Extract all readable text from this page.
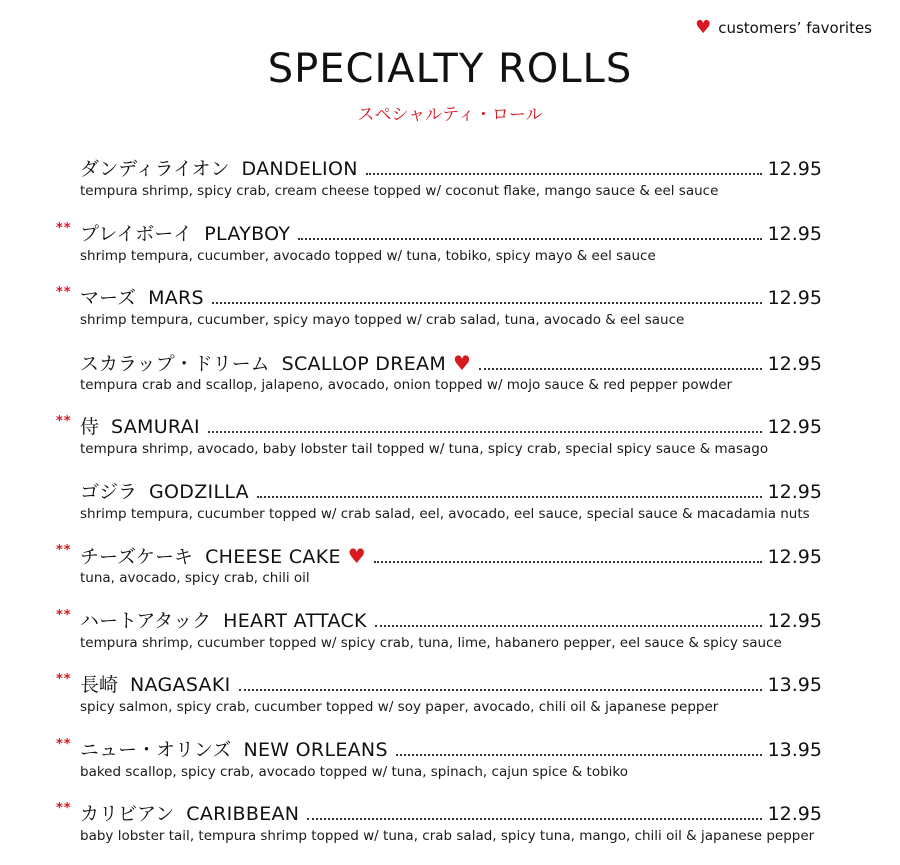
♥ customers’ favorites
SPECIALTY ROLLS

スペシャルティ・ロール

ダンディライオン DANDELION	12.95
tempura shrimp, spicy crab, cream cheese topped w/ coconut flake, mango sauce & eel sauce
** プレイボーイ PLAYBOY	12.95
shrimp tempura, cucumber, avocado topped w/ tuna, tobiko, spicy mayo & eel sauce
** マーズ MARS	12.95
shrimp tempura, cucumber, spicy mayo topped w/ crab salad, tuna, avocado & eel sauce
スカラップ・ドリーム SCALLOP DREAM ♥	12.95
tempura crab and scallop, jalapeno, avocado, onion topped w/ mojo sauce & red pepper powder
** 侍 SAMURAI	12.95
tempura shrimp, avocado, baby lobster tail topped w/ tuna, spicy crab, special spicy sauce & masago
ゴジラ GODZILLA	12.95
shrimp tempura, cucumber topped w/ crab salad, eel, avocado, eel sauce, special sauce & macadamia nuts
** チーズケーキ CHEESE CAKE ♥	12.95
tuna, avocado, spicy crab, chili oil
** ハートアタック HEART ATTACK	12.95
tempura shrimp, cucumber topped w/ spicy crab, tuna, lime, habanero pepper, eel sauce & spicy sauce
** 長崎 NAGASAKI	13.95
spicy salmon, spicy crab, cucumber topped w/ soy paper, avocado, chili oil & japanese pepper
** ニュー・オリンズ NEW ORLEANS	13.95
baked scallop, spicy crab, avocado topped w/ tuna, spinach, cajun spice & tobiko
** カリビアン CARIBBEAN	12.95
baby lobster tail, tempura shrimp topped w/ tuna, crab salad, spicy tuna, mango, chili oil & japanese pepper
